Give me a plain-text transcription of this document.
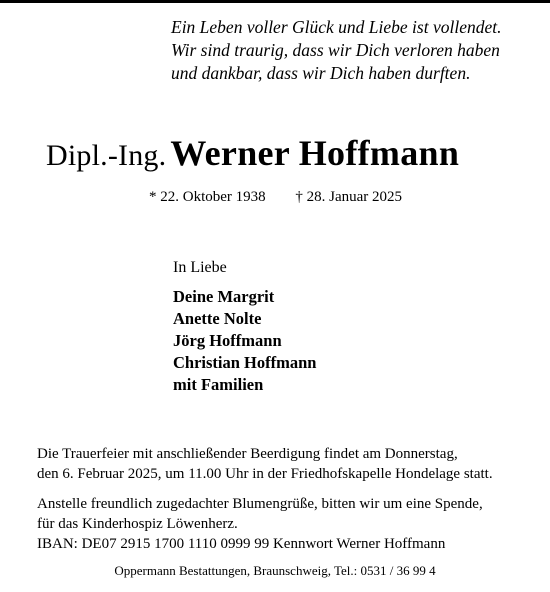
Ein Leben voller Glück und Liebe ist vollendet.
Wir sind traurig, dass wir Dich verloren haben
und dankbar, dass wir Dich haben durften.
Dipl.-Ing. Werner Hoffmann
* 22. Oktober 1938 † 28. Januar 2025
In Liebe
Deine Margrit
Anette Nolte
Jörg Hoffmann
Christian Hoffmann
mit Familien
Die Trauerfeier mit anschließender Beerdigung findet am Donnerstag,
den 6. Februar 2025, um 11.00 Uhr in der Friedhofskapelle Hondelage statt.
Anstelle freundlich zugedachter Blumengrüße, bitten wir um eine Spende,
für das Kinderhospiz Löwenherz.
IBAN: DE07 2915 1700 1110 0999 99 Kennwort Werner Hoffmann
Oppermann Bestattungen, Braunschweig, Tel.: 0531 / 36 99 4
